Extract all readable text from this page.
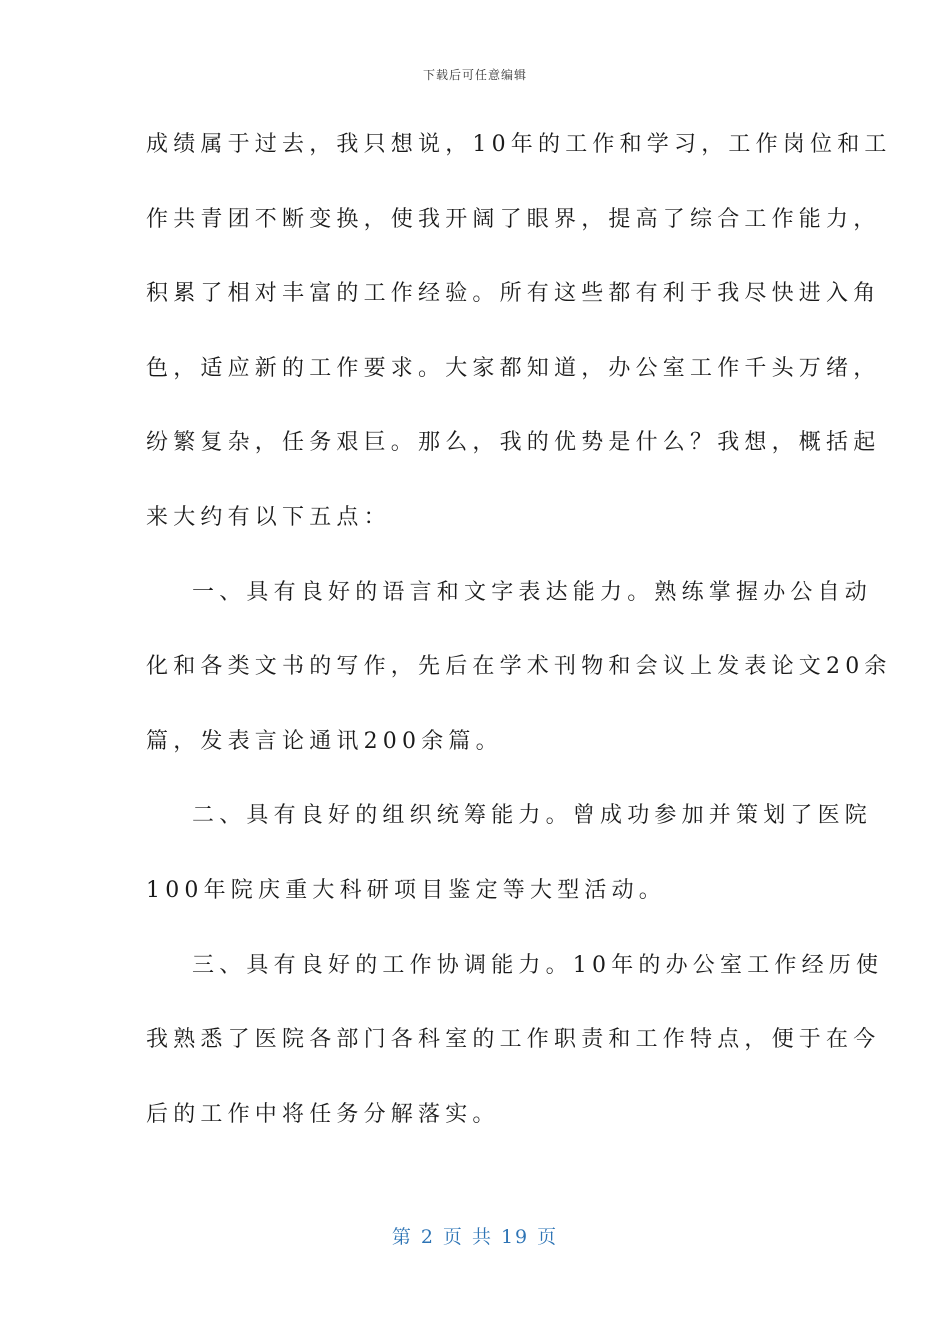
下载后可任意编辑
成绩属于过去，我只想说，10年的工作和学习，工作岗位和工
作共青团不断变换，使我开阔了眼界，提高了综合工作能力，
积累了相对丰富的工作经验。所有这些都有利于我尽快进入角
色，适应新的工作要求。大家都知道，办公室工作千头万绪，
纷繁复杂，任务艰巨。那么，我的优势是什么？我想，概括起
来大约有以下五点：
一、具有良好的语言和文字表达能力。熟练掌握办公自动
化和各类文书的写作，先后在学术刊物和会议上发表论文20余
篇，发表言论通讯200余篇。
二、具有良好的组织统筹能力。曾成功参加并策划了医院
100年院庆重大科研项目鉴定等大型活动。
三、具有良好的工作协调能力。10年的办公室工作经历使
我熟悉了医院各部门各科室的工作职责和工作特点，便于在今
后的工作中将任务分解落实。
第 2 页 共 19 页
